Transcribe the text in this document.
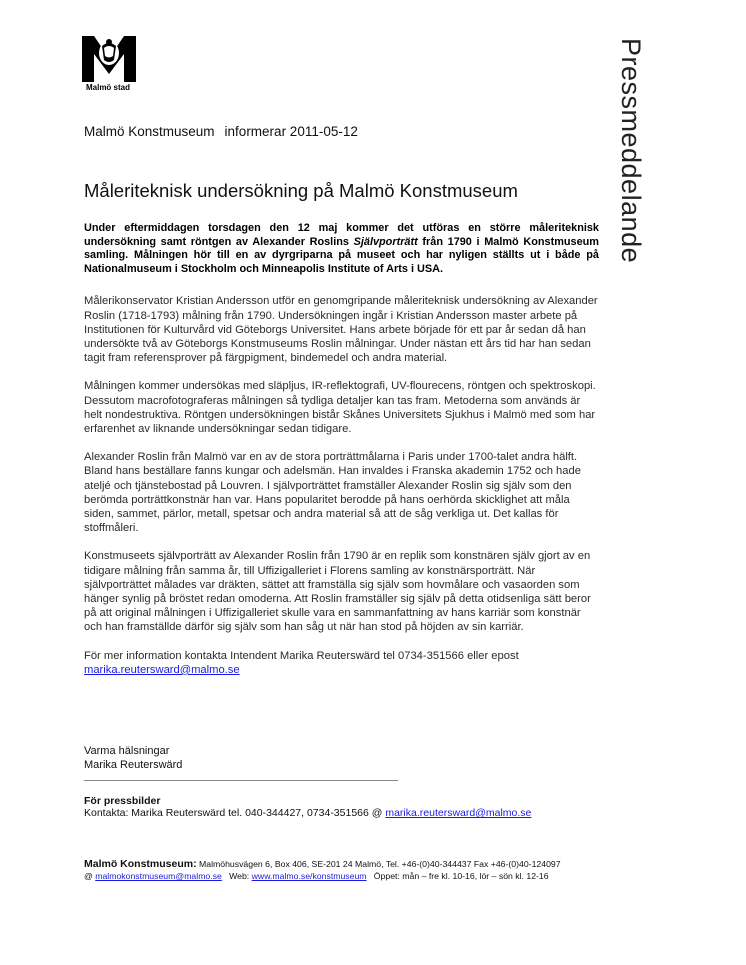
Malmö stad	Pressmeddelande
Malmö Konstmuseum informerar 2011-05-12
Måleriteknisk undersökning på Malmö Konstmuseum

Under eftermiddagen torsdagen den 12 maj kommer det utföras en större måleriteknisk undersökning samt röntgen av Alexander Roslins Självporträtt från 1790 i Malmö Konstmuseum samling. Målningen hör till en av dyrgriparna på museet och har nyligen ställts ut i både på Nationalmuseum i Stockholm och Minneapolis Institute of Arts i USA.

Målerikonservator Kristian Andersson utför en genomgripande måleriteknisk undersökning av Alexander Roslin (1718-1793) målning från 1790. Undersökningen ingår i Kristian Andersson master arbete på Institutionen för Kulturvård vid Göteborgs Universitet. Hans arbete började för ett par år sedan då han undersökte två av Göteborgs Konstmuseums Roslin målningar. Under nästan ett års tid har han sedan tagit fram referensprover på färgpigment, bindemedel och andra material.

Målningen kommer undersökas med släpljus, IR-reflektografi, UV-flourecens, röntgen och spektroskopi. Dessutom macrofotograferas målningen så tydliga detaljer kan tas fram. Metoderna som används är helt nondestruktiva. Röntgen undersökningen bistår Skånes Universitets Sjukhus i Malmö med som har erfarenhet av liknande undersökningar sedan tidigare.

Alexander Roslin från Malmö var en av de stora porträttmålarna i Paris under 1700-talet andra hälft. Bland hans beställare fanns kungar och adelsmän. Han invaldes i Franska akademin 1752 och hade ateljé och tjänstebostad på Louvren. I självporträttet framställer Alexander Roslin sig själv som den berömda porträttkonstnär han var. Hans popularitet berodde på hans oerhörda skicklighet att måla siden, sammet, pärlor, metall, spetsar och andra material så att de såg verkliga ut. Det kallas för stoffmåleri.

Konstmuseets självporträtt av Alexander Roslin från 1790 är en replik som konstnären själv gjort av en tidigare målning från samma år, till Uffizigalleriet i Florens samling av konstnärsporträtt. När självporträttet målades var dräkten, sättet att framställa sig själv som hovmålare och vasaorden som hänger synlig på bröstet redan omoderna. Att Roslin framställer sig själv på detta otidsenliga sätt beror på att original målningen i Uffizigalleriet skulle vara en sammanfattning av hans karriär som konstnär och han framställde därför sig själv som han såg ut när han stod på höjden av sin karriär.

För mer information kontakta Intendent Marika Reuterswärd tel 0734-351566 eller epost
marika.reutersward@malmo.se

Varma hälsningar
Marika Reuterswärd
För pressbilder
Kontakta: Marika Reuterswärd tel. 040-344427, 0734-351566 @ marika.reutersward@malmo.se
Malmö Konstmuseum: Malmöhusvägen 6, Box 406, SE-201 24 Malmö, Tel. +46-(0)40-344437 Fax +46-(0)40-124097
@ malmokonstmuseum@malmo.se   Web: www.malmo.se/konstmuseum   Öppet: mån – fre kl. 10-16, lör – sön kl. 12-16
